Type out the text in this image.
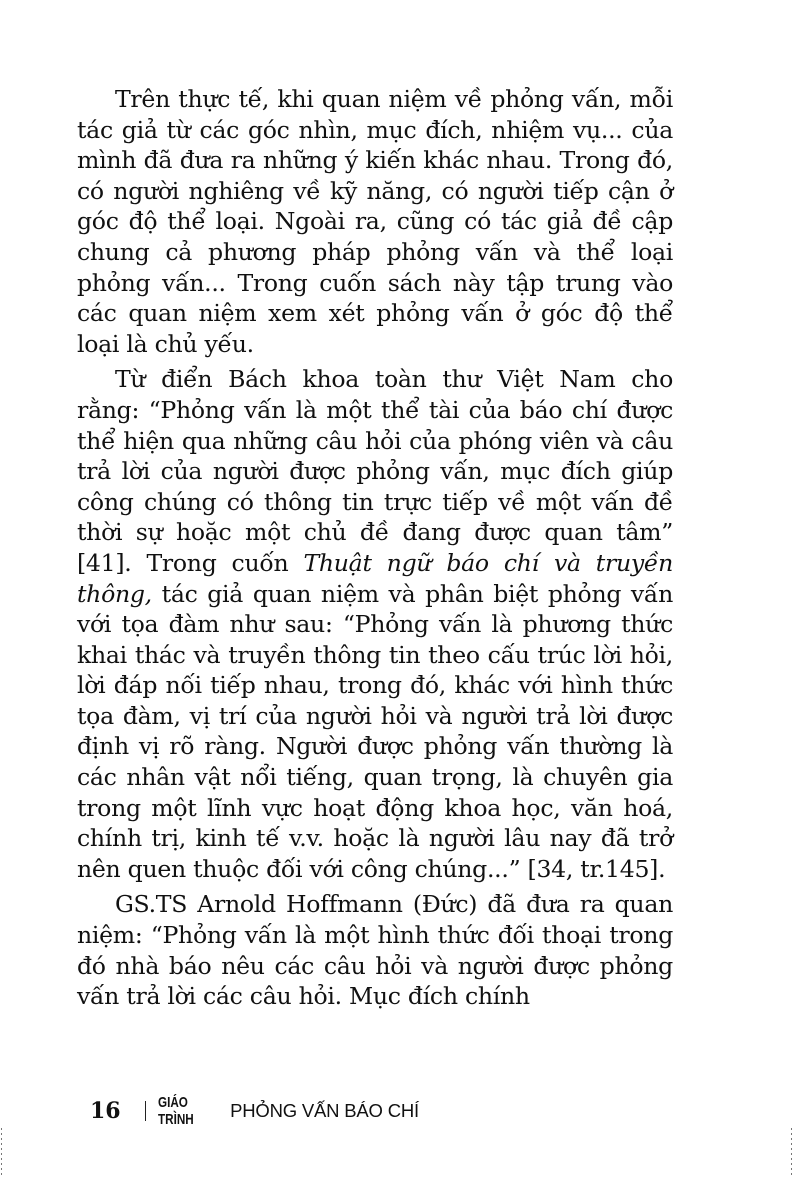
Trên thực tế, khi quan niệm về phỏng vấn, mỗi tác giả từ các góc nhìn, mục đích, nhiệm vụ... của mình đã đưa ra những ý kiến khác nhau. Trong đó, có người nghiêng về kỹ năng, có người tiếp cận ở góc độ thể loại. Ngoài ra, cũng có tác giả đề cập chung cả phương pháp phỏng vấn và thể loại phỏng vấn... Trong cuốn sách này tập trung vào các quan niệm xem xét phỏng vấn ở góc độ thể loại là chủ yếu.

Từ điển Bách khoa toàn thư Việt Nam cho rằng: “Phỏng vấn là một thể tài của báo chí được thể hiện qua những câu hỏi của phóng viên và câu trả lời của người được phỏng vấn, mục đích giúp công chúng có thông tin trực tiếp về một vấn đề thời sự hoặc một chủ đề đang được quan tâm” [41]. Trong cuốn Thuật ngữ báo chí và truyền thông, tác giả quan niệm và phân biệt phỏng vấn với tọa đàm như sau: “Phỏng vấn là phương thức khai thác và truyền thông tin theo cấu trúc lời hỏi, lời đáp nối tiếp nhau, trong đó, khác với hình thức tọa đàm, vị trí của người hỏi và người trả lời được định vị rõ ràng. Người được phỏng vấn thường là các nhân vật nổi tiếng, quan trọng, là chuyên gia trong một lĩnh vực hoạt động khoa học, văn hoá, chính trị, kinh tế v.v. hoặc là người lâu nay đã trở nên quen thuộc đối với công chúng...” [34, tr.145].

GS.TS Arnold Hoffmann (Đức) đã đưa ra quan niệm: “Phỏng vấn là một hình thức đối thoại trong đó nhà báo nêu các câu hỏi và người được phỏng vấn trả lời các câu hỏi. Mục đích chính

16	GIÁO TRÌNH	PHỎNG VẤN BÁO CHÍ
